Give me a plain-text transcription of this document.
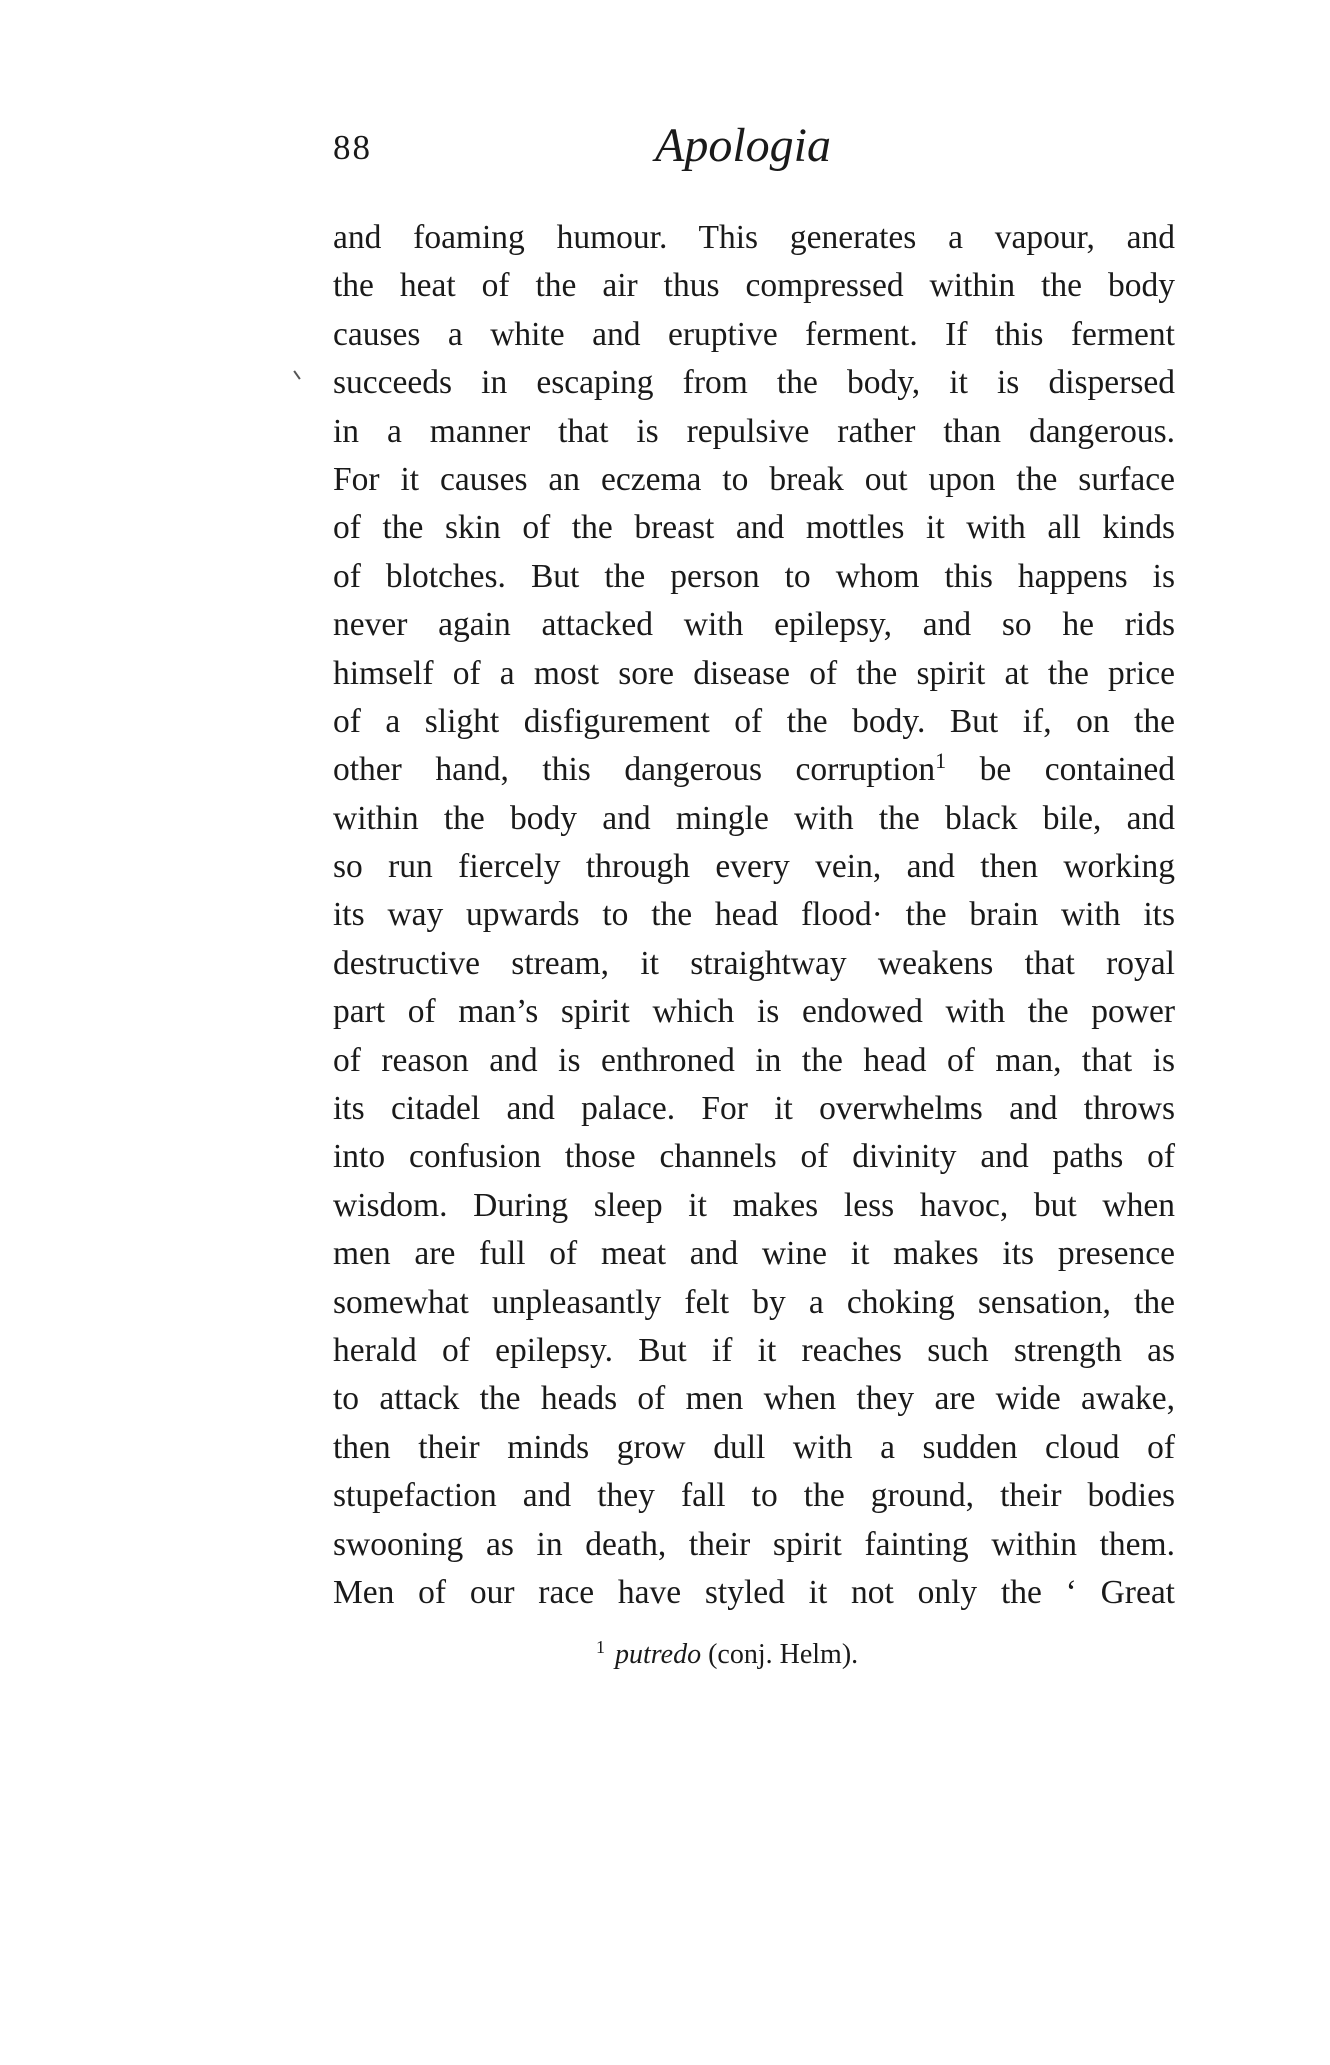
88	Apologia
and foaming humour. This generates a vapour, and
the heat of the air thus compressed within the body
causes a white and eruptive ferment. If this ferment
succeeds in escaping from the body, it is dispersed
in a manner that is repulsive rather than dangerous.
For it causes an eczema to break out upon the surface
of the skin of the breast and mottles it with all kinds
of blotches. But the person to whom this happens is
never again attacked with epilepsy, and so he rids
himself of a most sore disease of the spirit at the price
of a slight disfigurement of the body. But if, on the
other hand, this dangerous corruption$^1$ be contained
within the body and mingle with the black bile, and
so run fiercely through every vein, and then working
its way upwards to the head flood· the brain with its
destructive stream, it straightway weakens that royal
part of man’s spirit which is endowed with the power
of reason and is enthroned in the head of man, that is
its citadel and palace. For it overwhelms and throws
into confusion those channels of divinity and paths of
wisdom. During sleep it makes less havoc, but when
men are full of meat and wine it makes its presence
somewhat unpleasantly felt by a choking sensation, the
herald of epilepsy. But if it reaches such strength as
to attack the heads of men when they are wide awake,
then their minds grow dull with a sudden cloud of
stupefaction and they fall to the ground, their bodies
swooning as in death, their spirit fainting within them.
Men of our race have styled it not only the ‘ Great
$^1$ putredo (conj. Helm).
